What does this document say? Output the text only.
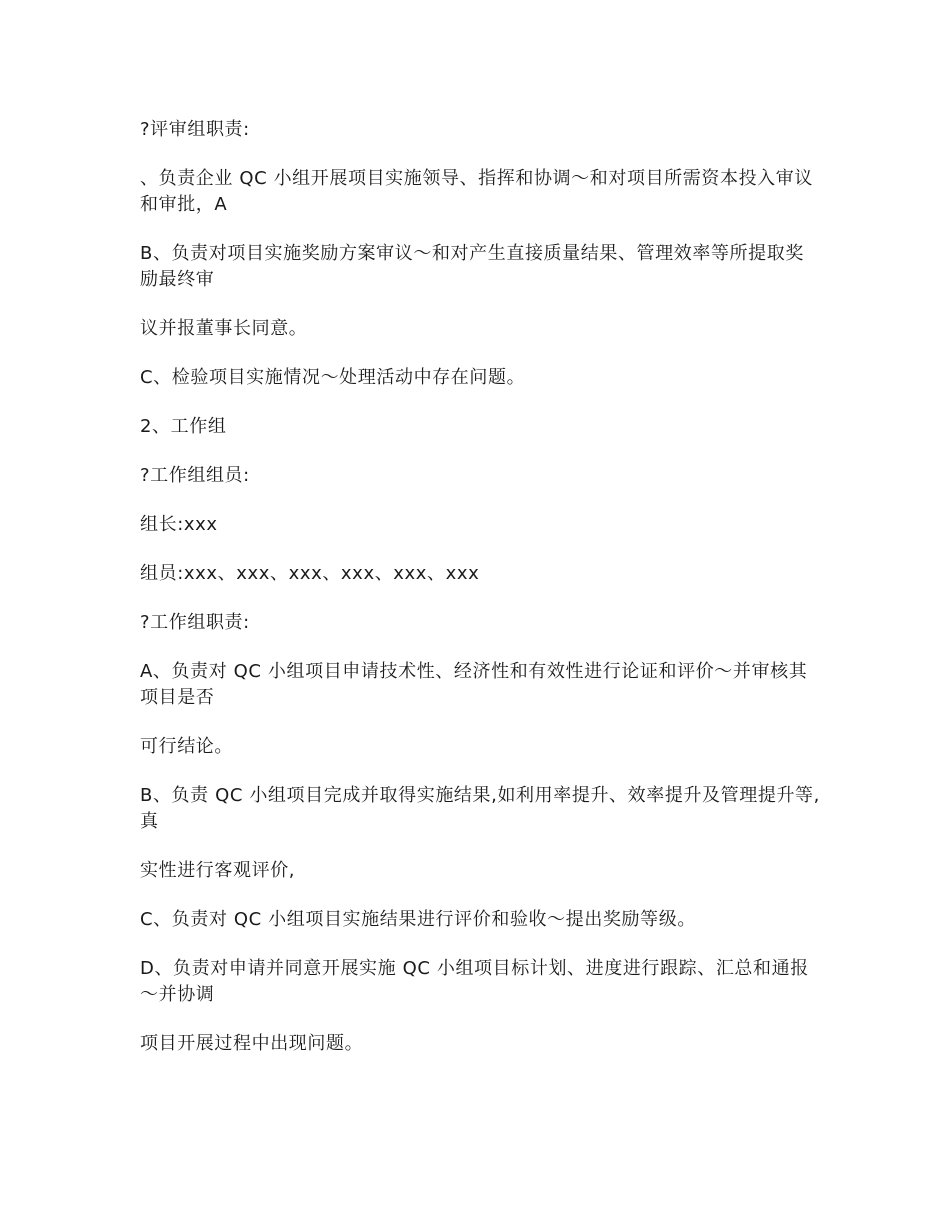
?评审组职责:

、负责企业 QC 小组开展项目实施领导、指挥和协调～和对项目所需资本投入审议和审批，A

B、负责对项目实施奖励方案审议～和对产生直接质量结果、管理效率等所提取奖励最终审

议并报董事长同意。

C、检验项目实施情况～处理活动中存在问题。

2、工作组

?工作组组员:

组长:xxx

组员:xxx、xxx、xxx、xxx、xxx、xxx

?工作组职责:

A、负责对 QC 小组项目申请技术性、经济性和有效性进行论证和评价～并审核其项目是否

可行结论。

B、负责 QC 小组项目完成并取得实施结果,如利用率提升、效率提升及管理提升等,真

实性进行客观评价,

C、负责对 QC 小组项目实施结果进行评价和验收～提出奖励等级。

D、负责对申请并同意开展实施 QC 小组项目标计划、进度进行跟踪、汇总和通报～并协调

项目开展过程中出现问题。
